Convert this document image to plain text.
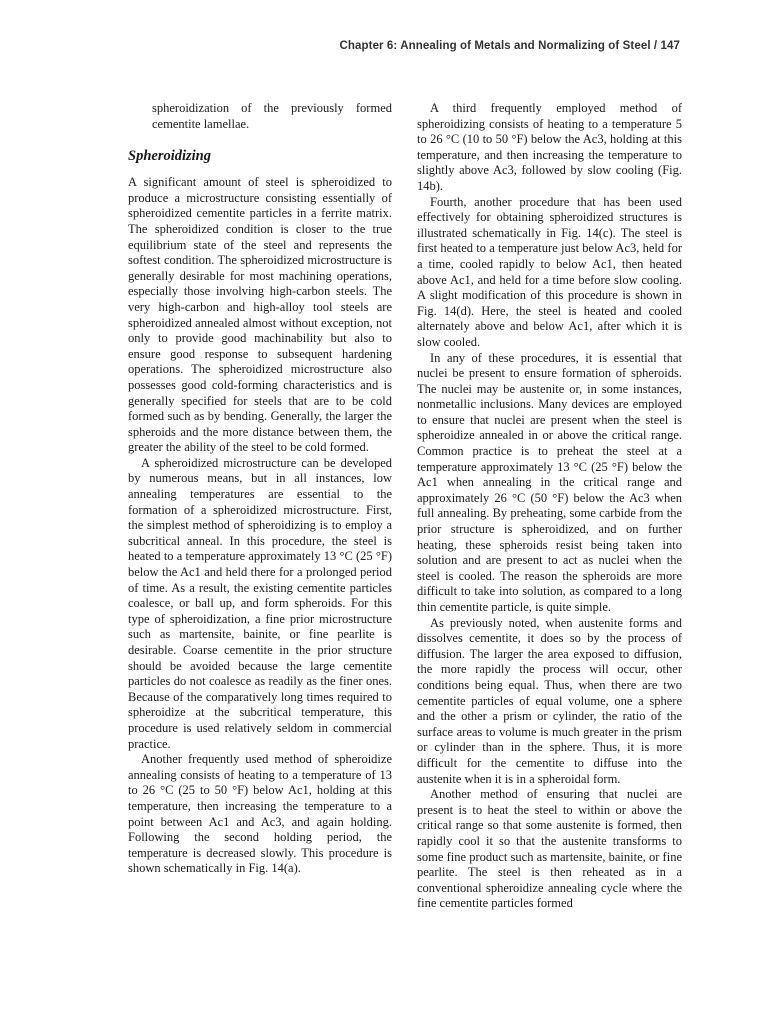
Chapter 6: Annealing of Metals and Normalizing of Steel / 147

spheroidization of the previously formed cementite lamellae.

Spheroidizing

A significant amount of steel is spheroidized to produce a microstructure consisting essentially of spheroidized cementite particles in a ferrite matrix. The spheroidized condition is closer to the true equilibrium state of the steel and represents the softest condition. The spheroidized microstructure is generally desirable for most machining operations, especially those involving high-carbon steels. The very high-carbon and high-alloy tool steels are spheroidized annealed almost without exception, not only to provide good machinability but also to ensure good response to subsequent hardening operations. The spheroidized microstructure also possesses good cold-forming characteristics and is generally specified for steels that are to be cold formed such as by bending. Generally, the larger the spheroids and the more distance between them, the greater the ability of the steel to be cold formed.

A spheroidized microstructure can be developed by numerous means, but in all instances, low annealing temperatures are essential to the formation of a spheroidized microstructure. First, the simplest method of spheroidizing is to employ a subcritical anneal. In this procedure, the steel is heated to a temperature approximately 13 °C (25 °F) below the Ac1 and held there for a prolonged period of time. As a result, the existing cementite particles coalesce, or ball up, and form spheroids. For this type of spheroidization, a fine prior microstructure such as martensite, bainite, or fine pearlite is desirable. Coarse cementite in the prior structure should be avoided because the large cementite particles do not coalesce as readily as the finer ones. Because of the comparatively long times required to spheroidize at the subcritical temperature, this procedure is used relatively seldom in commercial practice.

Another frequently used method of spheroidize annealing consists of heating to a temperature of 13 to 26 °C (25 to 50 °F) below Ac1, holding at this temperature, then increasing the temperature to a point between Ac1 and Ac3, and again holding. Following the second holding period, the temperature is decreased slowly. This procedure is shown schematically in Fig. 14(a).

A third frequently employed method of spheroidizing consists of heating to a temperature 5 to 26 °C (10 to 50 °F) below the Ac3, holding at this temperature, and then increasing the temperature to slightly above Ac3, followed by slow cooling (Fig. 14b).

Fourth, another procedure that has been used effectively for obtaining spheroidized structures is illustrated schematically in Fig. 14(c). The steel is first heated to a temperature just below Ac3, held for a time, cooled rapidly to below Ac1, then heated above Ac1, and held for a time before slow cooling. A slight modification of this procedure is shown in Fig. 14(d). Here, the steel is heated and cooled alternately above and below Ac1, after which it is slow cooled.

In any of these procedures, it is essential that nuclei be present to ensure formation of spheroids. The nuclei may be austenite or, in some instances, nonmetallic inclusions. Many devices are employed to ensure that nuclei are present when the steel is spheroidize annealed in or above the critical range. Common practice is to preheat the steel at a temperature approximately 13 °C (25 °F) below the Ac1 when annealing in the critical range and approximately 26 °C (50 °F) below the Ac3 when full annealing. By preheating, some carbide from the prior structure is spheroidized, and on further heating, these spheroids resist being taken into solution and are present to act as nuclei when the steel is cooled. The reason the spheroids are more difficult to take into solution, as compared to a long thin cementite particle, is quite simple.

As previously noted, when austenite forms and dissolves cementite, it does so by the process of diffusion. The larger the area exposed to diffusion, the more rapidly the process will occur, other conditions being equal. Thus, when there are two cementite particles of equal volume, one a sphere and the other a prism or cylinder, the ratio of the surface areas to volume is much greater in the prism or cylinder than in the sphere. Thus, it is more difficult for the cementite to diffuse into the austenite when it is in a spheroidal form.

Another method of ensuring that nuclei are present is to heat the steel to within or above the critical range so that some austenite is formed, then rapidly cool it so that the austenite transforms to some fine product such as martensite, bainite, or fine pearlite. The steel is then reheated as in a conventional spheroidize annealing cycle where the fine cementite particles formed
